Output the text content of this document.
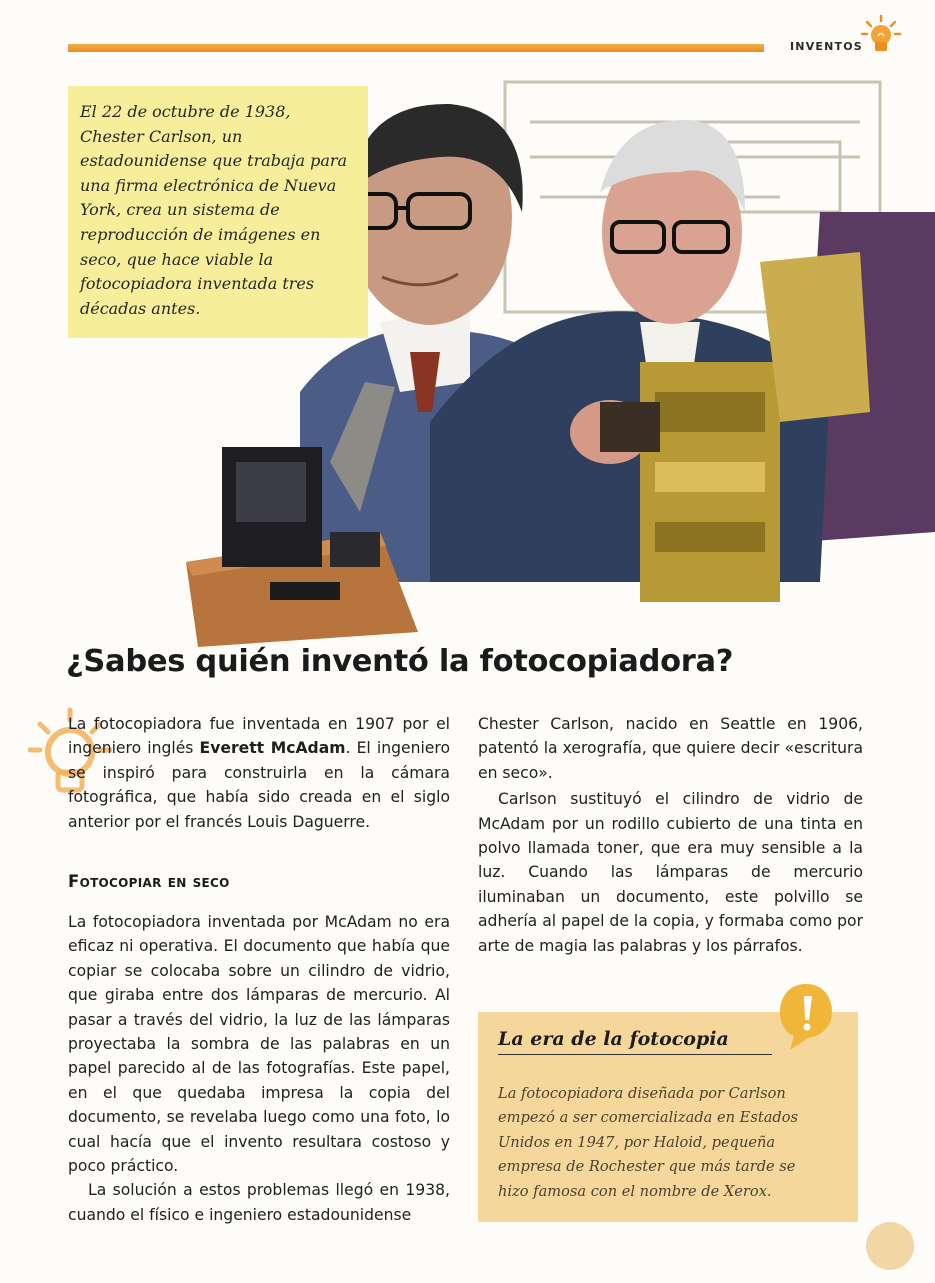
INVENTOS

El 22 de octubre de 1938, Chester Carlson, un estadounidense que trabaja para una firma electrónica de Nueva York, crea un sistema de reproducción de imágenes en seco, que hace viable la fotocopiadora inventada tres décadas antes.

¿Sabes quién inventó la fotocopiadora?

La fotocopiadora fue inventada en 1907 por el ingeniero inglés Everett McAdam. El ingeniero se inspiró para construirla en la cámara fotográfica, que había sido creada en el siglo anterior por el francés Louis Daguerre.

Fotocopiar en seco

La fotocopiadora inventada por McAdam no era eficaz ni operativa. El documento que había que copiar se colocaba sobre un cilindro de vidrio, que giraba entre dos lámparas de mercurio. Al pasar a través del vidrio, la luz de las lámparas proyectaba la sombra de las palabras en un papel parecido al de las fotografías. Este papel, en el que quedaba impresa la copia del documento, se revelaba luego como una foto, lo cual hacía que el invento resultara costoso y poco práctico.

La solución a estos problemas llegó en 1938, cuando el físico e ingeniero estadounidense

Chester Carlson, nacido en Seattle en 1906, patentó la xerografía, que quiere decir «escritura en seco».

Carlson sustituyó el cilindro de vidrio de McAdam por un rodillo cubierto de una tinta en polvo llamada toner, que era muy sensible a la luz. Cuando las lámparas de mercurio iluminaban un documento, este polvillo se adhería al papel de la copia, y formaba como por arte de magia las palabras y los párrafos.

La era de la fotocopia

La fotocopiadora diseñada por Carlson empezó a ser comercializada en Estados Unidos en 1947, por Haloid, pequeña empresa de Rochester que más tarde se hizo famosa con el nombre de Xerox.
